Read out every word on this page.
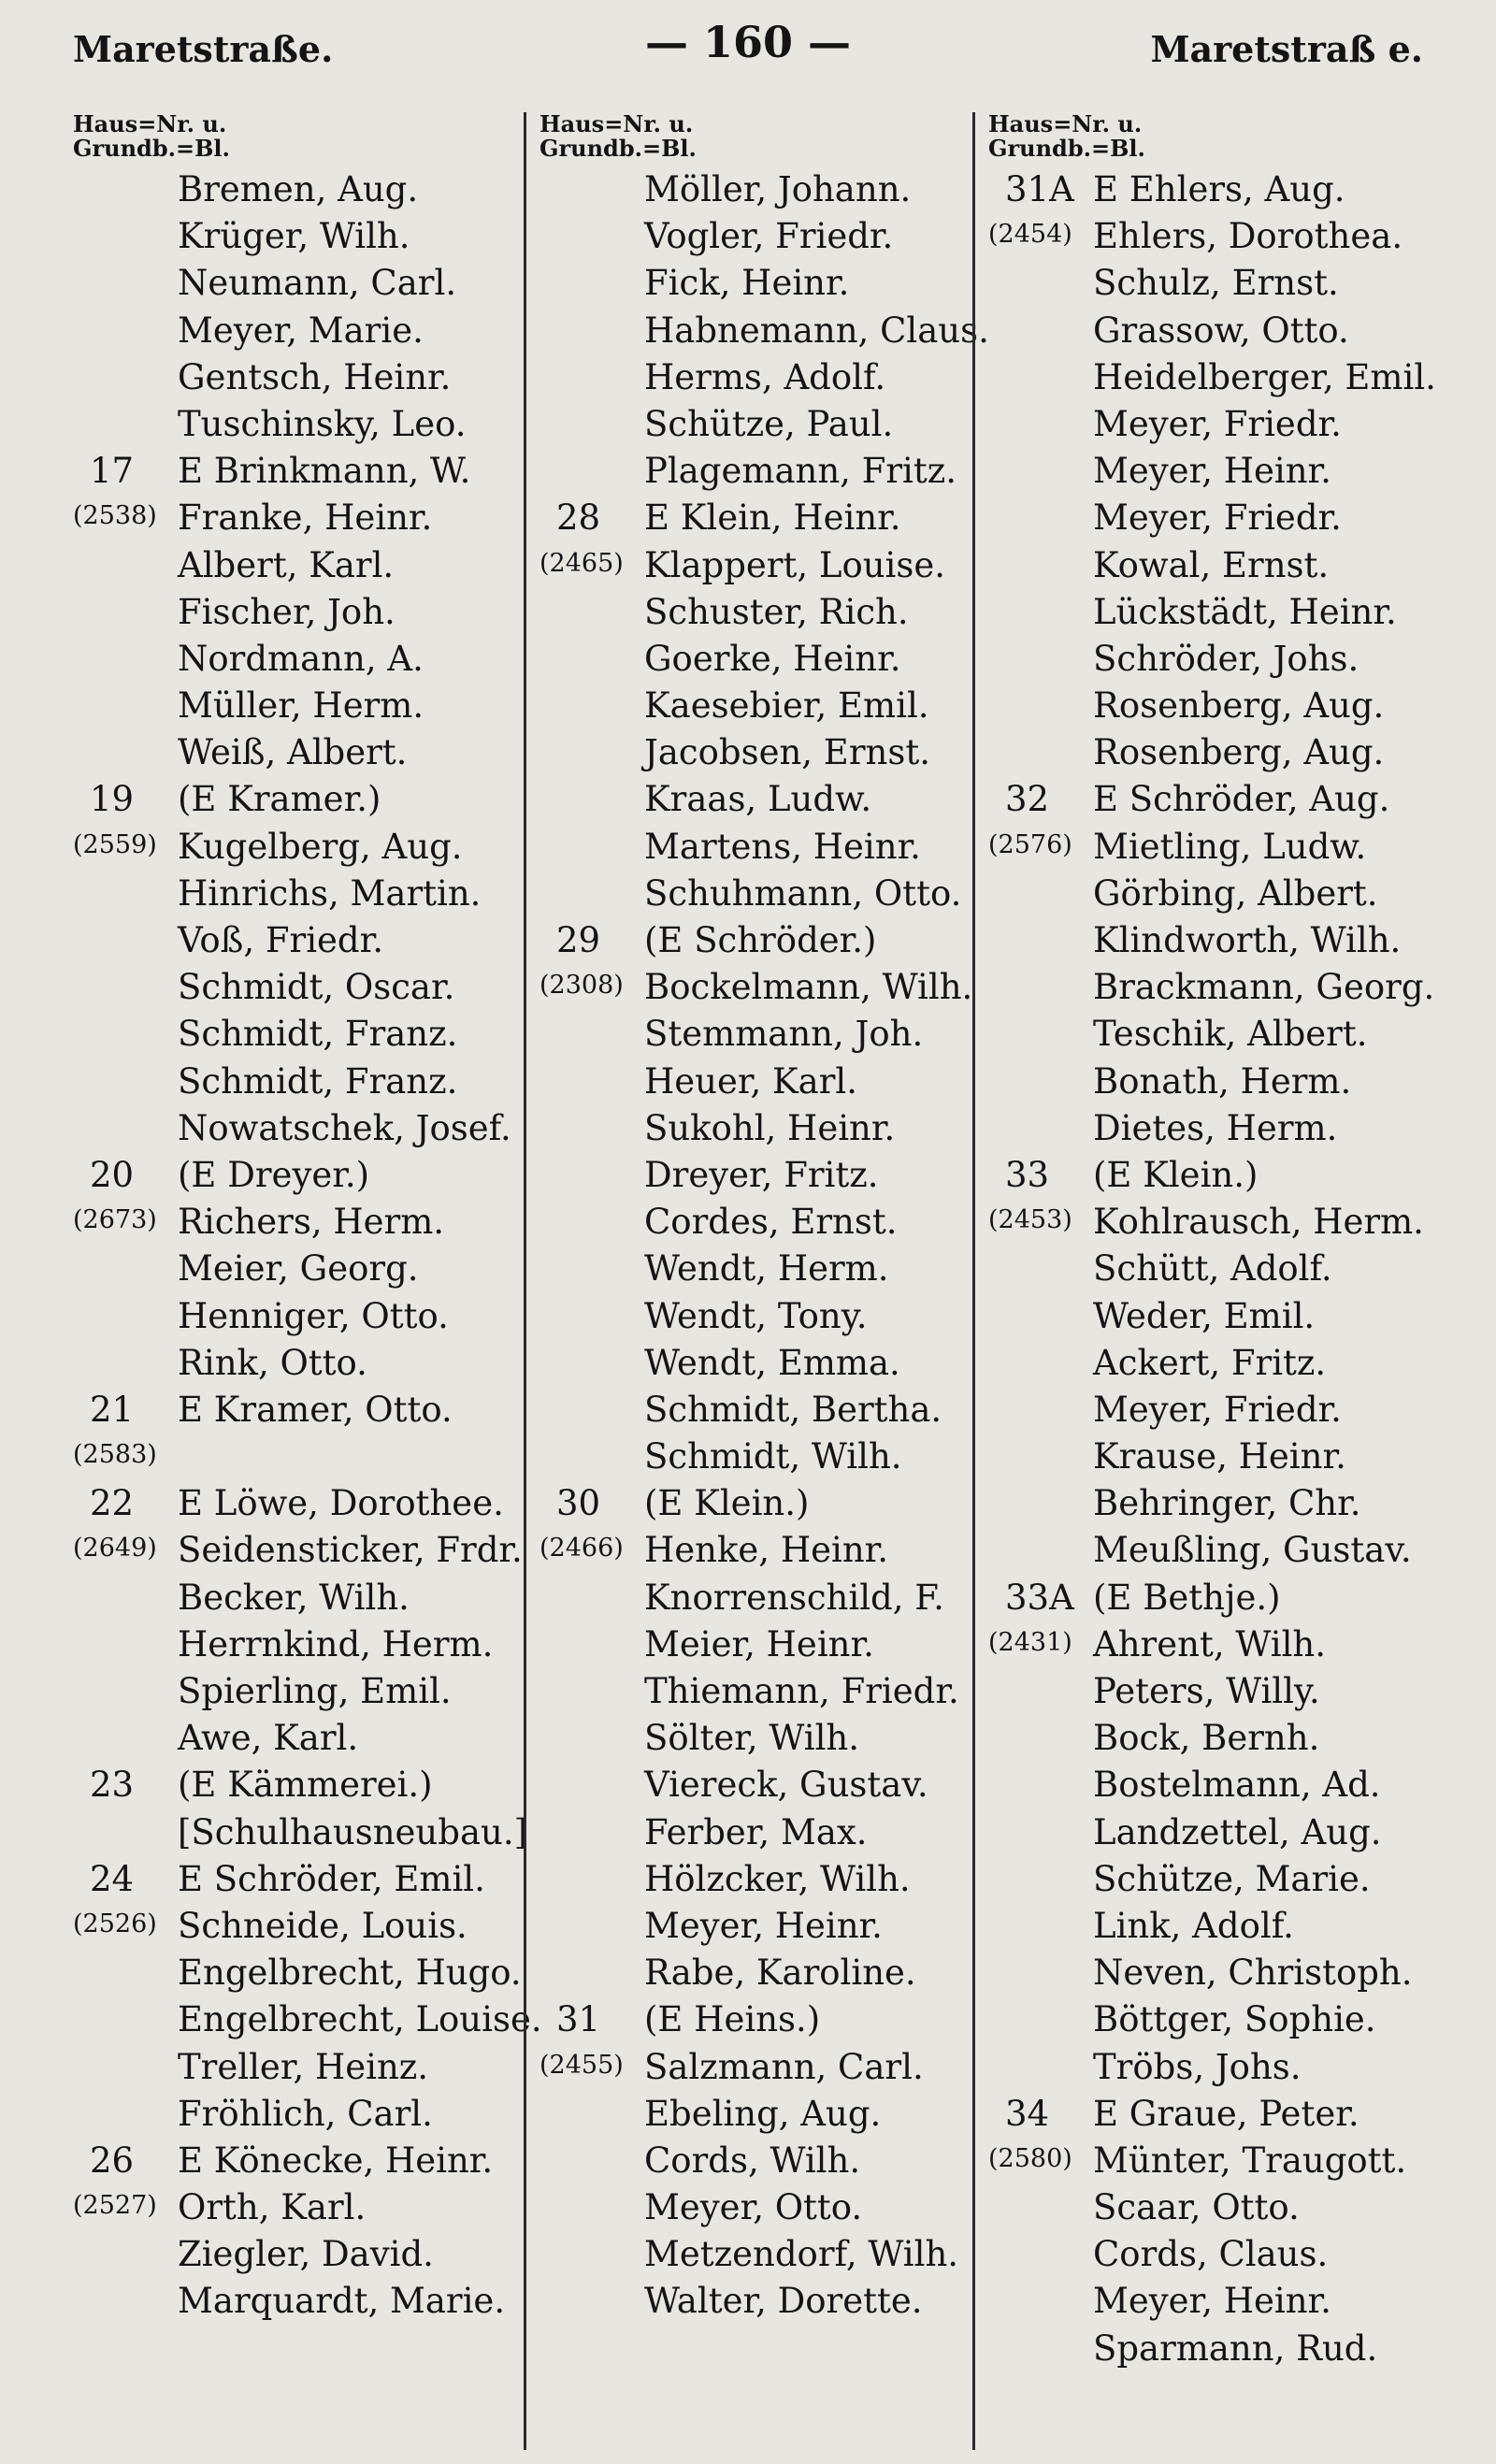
Maretstraße.	— 160 —	Maretstraß e.
Haus=Nr. u.
Grundb.=Bl.
Bremen, Aug.
Krüger, Wilh.
Neumann, Carl.
Meyer, Marie.
Gentsch, Heinr.
Tuschinsky, Leo.
17	E Brinkmann, W.
(2538) Franke, Heinr.
Albert, Karl.
Fischer, Joh.
Nordmann, A.
Müller, Herm.
Weiß, Albert.
19	(E Kramer.)
(2559) Kugelberg, Aug.
Hinrichs, Martin.
Voß, Friedr.
Schmidt, Oscar.
Schmidt, Franz.
Schmidt, Franz.
Nowatschek, Josef.
20	(E Dreyer.)
(2673) Richers, Herm.
Meier, Georg.
Henniger, Otto.
Rink, Otto.
21	E Kramer, Otto.
(2583)
22	E Löwe, Dorothee.
(2649) Seidensticker, Frdr.
Becker, Wilh.
Herrnkind, Herm.
Spierling, Emil.
Awe, Karl.
23	(E Kämmerei.)
[Schulhausneubau.]
24	E Schröder, Emil.
(2526) Schneide, Louis.
Engelbrecht, Hugo.
Engelbrecht, Louise.
Treller, Heinz.
Fröhlich, Carl.
26	E Könecke, Heinr.
(2527) Orth, Karl.
Ziegler, David.
Marquardt, Marie.
Haus=Nr. u.
Grundb.=Bl.
Möller, Johann.
Vogler, Friedr.
Fick, Heinr.
Habnemann, Claus.
Herms, Adolf.
Schütze, Paul.
Plagemann, Fritz.
28	E Klein, Heinr.
(2465) Klappert, Louise.
Schuster, Rich.
Goerke, Heinr.
Kaesebier, Emil.
Jacobsen, Ernst.
Kraas, Ludw.
Martens, Heinr.
Schuhmann, Otto.
29	(E Schröder.)
(2308) Bockelmann, Wilh.
Stemmann, Joh.
Heuer, Karl.
Sukohl, Heinr.
Dreyer, Fritz.
Cordes, Ernst.
Wendt, Herm.
Wendt, Tony.
Wendt, Emma.
Schmidt, Bertha.
Schmidt, Wilh.
30	(E Klein.)
(2466) Henke, Heinr.
Knorrenschild, F.
Meier, Heinr.
Thiemann, Friedr.
Sölter, Wilh.
Viereck, Gustav.
Ferber, Max.
Hölzcker, Wilh.
Meyer, Heinr.
Rabe, Karoline.
31	(E Heins.)
(2455) Salzmann, Carl.
Ebeling, Aug.
Cords, Wilh.
Meyer, Otto.
Metzendorf, Wilh.
Walter, Dorette.
Haus=Nr. u.
Grundb.=Bl.
31A E Ehlers, Aug.
(2454) Ehlers, Dorothea.
Schulz, Ernst.
Grassow, Otto.
Heidelberger, Emil.
Meyer, Friedr.
Meyer, Heinr.
Meyer, Friedr.
Kowal, Ernst.
Lückstädt, Heinr.
Schröder, Johs.
Rosenberg, Aug.
Rosenberg, Aug.
32	E Schröder, Aug.
(2576) Mietling, Ludw.
Görbing, Albert.
Klindworth, Wilh.
Brackmann, Georg.
Teschik, Albert.
Bonath, Herm.
Dietes, Herm.
33	(E Klein.)
(2453) Kohlrausch, Herm.
Schütt, Adolf.
Weder, Emil.
Ackert, Fritz.
Meyer, Friedr.
Krause, Heinr.
Behringer, Chr.
Meußling, Gustav.
33A (E Bethje.)
(2431) Ahrent, Wilh.
Peters, Willy.
Bock, Bernh.
Bostelmann, Ad.
Landzettel, Aug.
Schütze, Marie.
Link, Adolf.
Neven, Christoph.
Böttger, Sophie.
Tröbs, Johs.
34	E Graue, Peter.
(2580) Münter, Traugott.
Scaar, Otto.
Cords, Claus.
Meyer, Heinr.
Sparmann, Rud.
